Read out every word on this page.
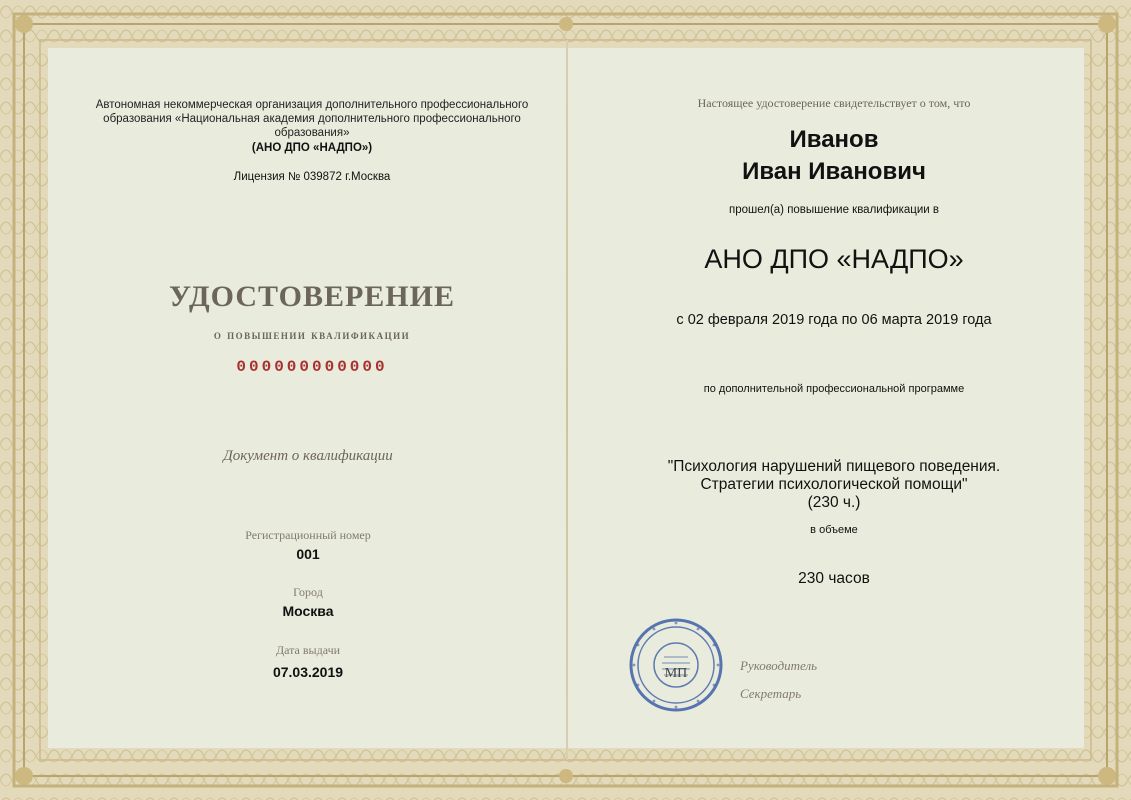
Автономная некоммерческая организация дополнительного профессионального образования «Национальная академия дополнительного профессионального образования»
(АНО ДПО «НАДПО»)
Лицензия № 039872 г.Москва
УДОСТОВЕРЕНИЕ
о повышении квалификации
000000000000
Документ о квалификации
Регистрационный номер
001
Город
Москва
Дата выдачи
07.03.2019
Настоящее удостоверение свидетельствует о том, что
Иванов
Иван Иванович
прошел(а) повышение квалификации в
АНО ДПО «НАДПО»
с 02 февраля 2019 года по 06 марта 2019 года
по дополнительной профессиональной программе
"Психология нарушений пищевого поведения.
Стратегии психологической помощи"
(230 ч.)
в объеме
230 часов
МП
Руководитель
Секретарь
